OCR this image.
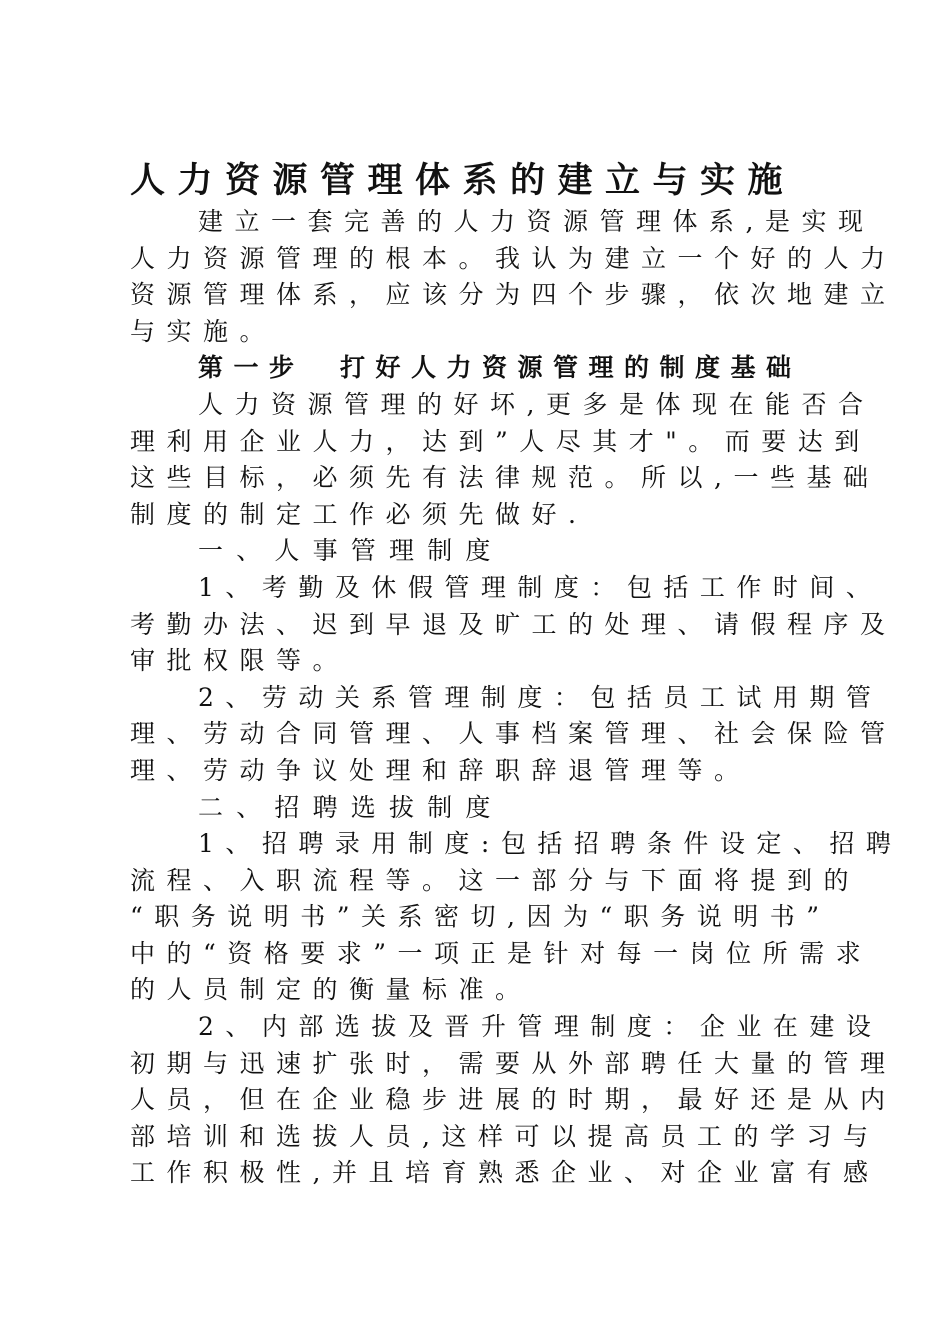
人力资源管理体系的建立与实施

建立一套完善的人力资源管理体系,是实现
人力资源管理的根本。我认为建立一个好的人力
资源管理体系，应该分为四个步骤，依次地建立
与实施。

第一步　打好人力资源管理的制度基础

人力资源管理的好坏,更多是体现在能否合
理利用企业人力，达到”人尽其才"。而要达到
这些目标，必须先有法律规范。所以,一些基础
制度的制定工作必须先做好.

一、人事管理制度

1、考勤及休假管理制度：包括工作时间、
考勤办法、迟到早退及旷工的处理、请假程序及
审批权限等。

2、劳动关系管理制度：包括员工试用期管
理、劳动合同管理、人事档案管理、社会保险管
理、劳动争议处理和辞职辞退管理等。

二、招聘选拔制度

1、招聘录用制度:包括招聘条件设定、招聘
流程、入职流程等。这一部分与下面将提到的
“职务说明书”关系密切,因为“职务说明书”
中的“资格要求”一项正是针对每一岗位所需求
的人员制定的衡量标准。

2、内部选拔及晋升管理制度：企业在建设
初期与迅速扩张时，需要从外部聘任大量的管理
人员，但在企业稳步进展的时期，最好还是从内
部培训和选拔人员,这样可以提高员工的学习与
工作积极性,并且培育熟悉企业、对企业富有感
